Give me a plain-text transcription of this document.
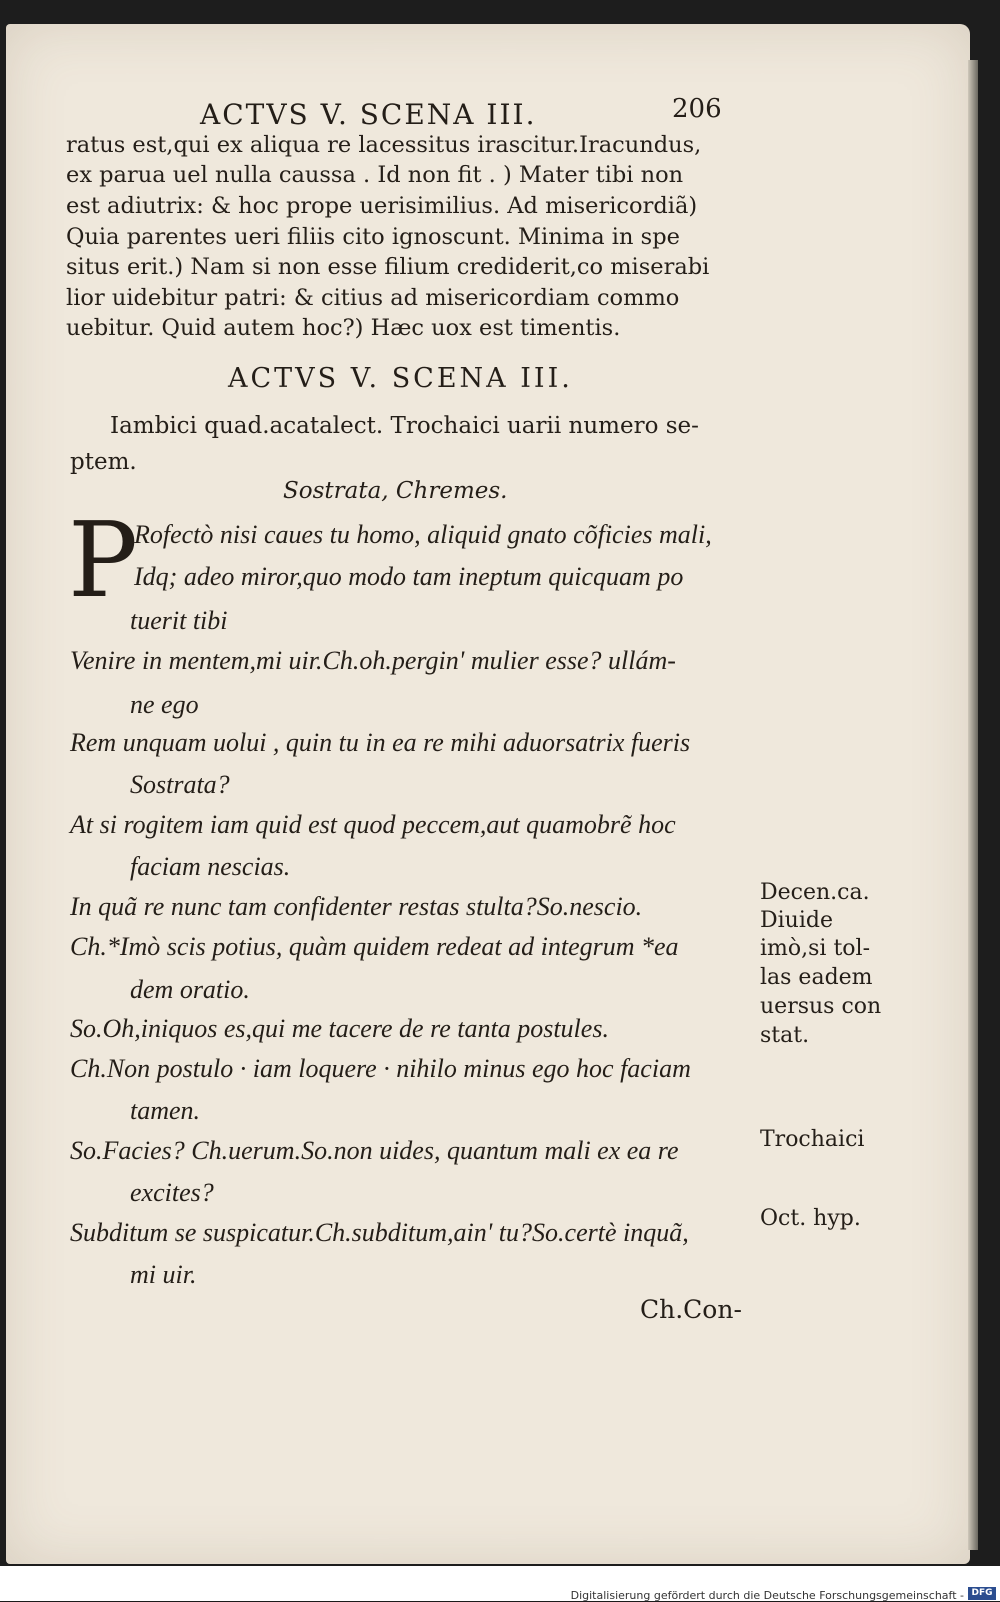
ACTVS V. SCENA III.	206
ratus est,qui ex aliqua re lacessitus irascitur.Iracundus,
ex parua uel nulla caussa . Id non fit . ) Mater tibi non
est adiutrix: & hoc prope uerisimilius. Ad misericordiã)
Quia parentes ueri filiis cito ignoscunt. Minima in spe
situs erit.) Nam si non esse filium crediderit,co miserabi
lior uidebitur patri: & citius ad misericordiam commo
uebitur. Quid autem hoc?) Hæc uox est timentis.
ACTVS V. SCENA III.
Iambici quad.acatalect. Trochaici uarii numero se- ptem.
Sostrata, Chremes.
P
Rofectò nisi caues tu homo, aliquid gnato cõficies mali,
Idq; adeo miror,quo modo tam ineptum quicquam po
tuerit tibi
Venire in mentem,mi uir.Ch.oh.pergin' mulier esse? ullám-
ne ego
Rem unquam uolui , quin tu in ea re mihi aduorsatrix fueris
Sostrata?
At si rogitem iam quid est quod peccem,aut quamobrẽ hoc
faciam nescias.
In quã re nunc tam confidenter restas stulta?So.nescio.
Ch.*Imò scis potius, quàm quidem redeat ad integrum *ea
dem oratio.
So.Oh,iniquos es,qui me tacere de re tanta postules.
Ch.Non postulo · iam loquere · nihilo minus ego hoc faciam
tamen.
So.Facies? Ch.uerum.So.non uides, quantum mali ex ea re
excites?
Subditum se suspicatur.Ch.subditum,ain' tu?So.certè inquã,
mi uir.
Decen.ca.
Diuide
imò,si tol-
las eadem
uersus con
stat.
Trochaici
Oct. hyp.
Ch.Con-
Digitalisierung gefördert durch die Deutsche Forschungsgemeinschaft - DFG
